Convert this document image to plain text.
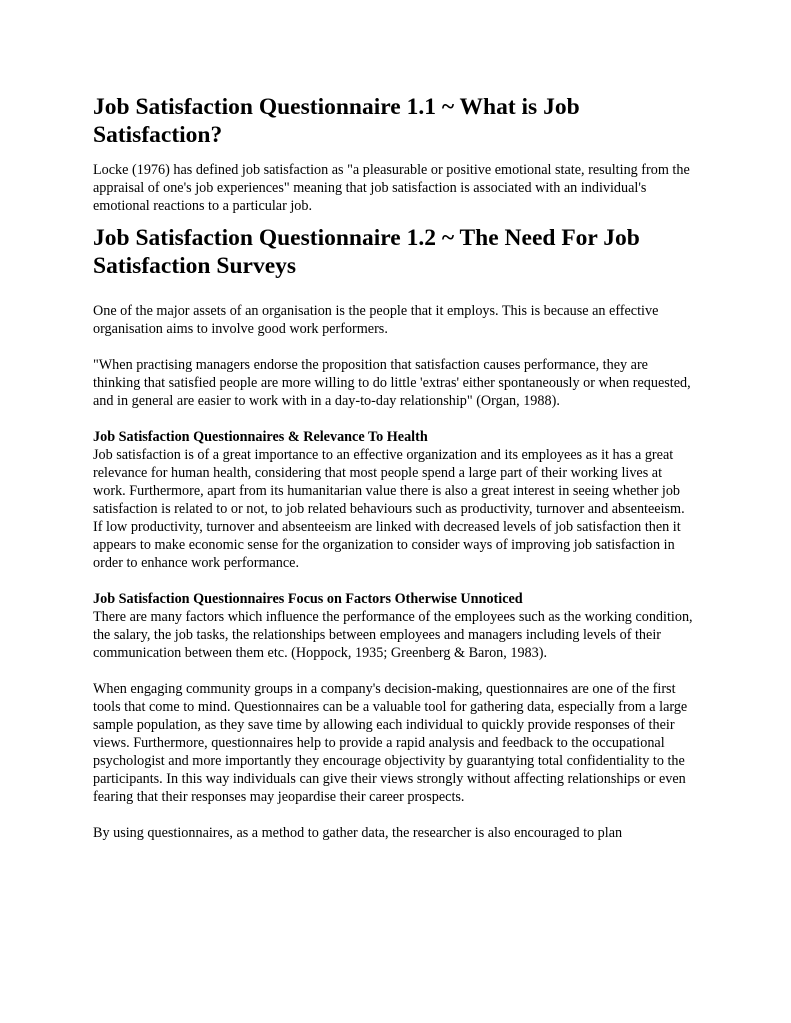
Job Satisfaction Questionnaire 1.1 ~ What is Job Satisfaction?

Locke (1976) has defined job satisfaction as "a pleasurable or positive emotional state, resulting from the appraisal of one's job experiences" meaning that job satisfaction is associated with an individual's emotional reactions to a particular job.

Job Satisfaction Questionnaire 1.2 ~ The Need For Job Satisfaction Surveys

One of the major assets of an organisation is the people that it employs. This is because an effective organisation aims to involve good work performers.

"When practising managers endorse the proposition that satisfaction causes performance, they are thinking that satisfied people are more willing to do little 'extras' either spontaneously or when requested, and in general are easier to work with in a day-to-day relationship" (Organ, 1988).

Job Satisfaction Questionnaires & Relevance To Health
Job satisfaction is of a great importance to an effective organization and its employees as it has a great relevance for human health, considering that most people spend a large part of their working lives at work. Furthermore, apart from its humanitarian value there is also a great interest in seeing whether job satisfaction is related to or not, to job related behaviours such as productivity, turnover and absenteeism. If low productivity, turnover and absenteeism are linked with decreased levels of job satisfaction then it appears to make economic sense for the organization to consider ways of improving job satisfaction in order to enhance work performance.

Job Satisfaction Questionnaires Focus on Factors Otherwise Unnoticed
There are many factors which influence the performance of the employees such as the working condition, the salary, the job tasks, the relationships between employees and managers including levels of their communication between them etc. (Hoppock, 1935; Greenberg & Baron, 1983).

When engaging community groups in a company's decision-making, questionnaires are one of the first tools that come to mind. Questionnaires can be a valuable tool for gathering data, especially from a large sample population, as they save time by allowing each individual to quickly provide responses of their views. Furthermore, questionnaires help to provide a rapid analysis and feedback to the occupational psychologist and more importantly they encourage objectivity by guarantying total confidentiality to the participants. In this way individuals can give their views strongly without affecting relationships or even fearing that their responses may jeopardise their career prospects.

By using questionnaires, as a method to gather data, the researcher is also encouraged to plan
